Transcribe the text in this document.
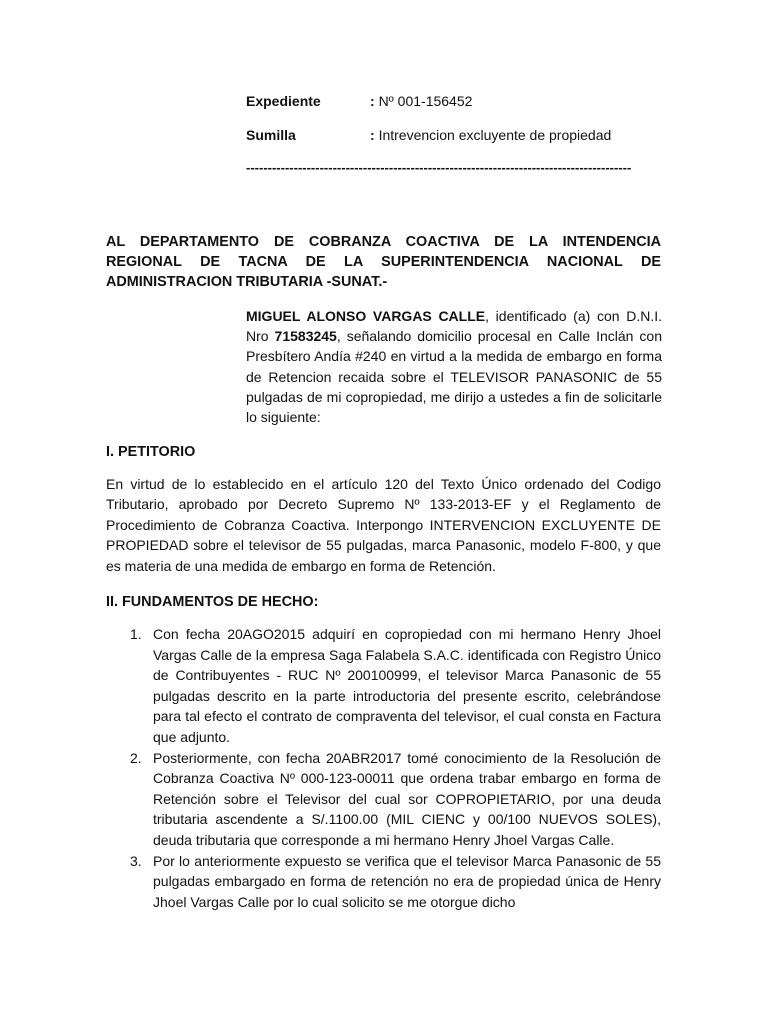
Expediente	: Nº 001-156452
Sumilla	: Intrevencion excluyente de propiedad
-----------------------------------------------------------------------------------------
AL DEPARTAMENTO DE COBRANZA COACTIVA DE LA INTENDENCIA REGIONAL DE TACNA DE LA SUPERINTENDENCIA NACIONAL DE ADMINISTRACION TRIBUTARIA -SUNAT.-
MIGUEL ALONSO VARGAS CALLE, identificado (a) con D.N.I. Nro 71583245, señalando domicilio procesal en Calle Inclán con Presbítero Andía #240 en virtud a la medida de embargo en forma de Retencion recaida sobre el TELEVISOR PANASONIC de 55 pulgadas de mi copropiedad, me dirijo a ustedes a fin de solicitarle lo siguiente:
I. PETITORIO
En virtud de lo establecido en el artículo 120 del Texto Único ordenado del Codigo Tributario, aprobado por Decreto Supremo Nº 133-2013-EF y el Reglamento de Procedimiento de Cobranza Coactiva. Interpongo INTERVENCION EXCLUYENTE DE PROPIEDAD sobre el televisor de 55 pulgadas, marca Panasonic, modelo F-800, y que es materia de una medida de embargo en forma de Retención.
II. FUNDAMENTOS DE HECHO:
1. Con fecha 20AGO2015 adquirí en copropiedad con mi hermano Henry Jhoel Vargas Calle de la empresa Saga Falabela S.A.C. identificada con Registro Único de Contribuyentes - RUC Nº 200100999, el televisor Marca Panasonic de 55 pulgadas descrito en la parte introductoria del presente escrito, celebrándose para tal efecto el contrato de compraventa del televisor, el cual consta en Factura que adjunto.
2. Posteriormente, con fecha 20ABR2017 tomé conocimiento de la Resolución de Cobranza Coactiva Nº 000-123-00011 que ordena trabar embargo en forma de Retención sobre el Televisor del cual sor COPROPIETARIO, por una deuda tributaria ascendente a S/.1100.00 (MIL CIENC y 00/100 NUEVOS SOLES), deuda tributaria que corresponde a mi hermano Henry Jhoel Vargas Calle.
3. Por lo anteriormente expuesto se verifica que el televisor Marca Panasonic de 55 pulgadas embargado en forma de retención no era de propiedad única de Henry Jhoel Vargas Calle por lo cual solicito se me otorgue dicho
